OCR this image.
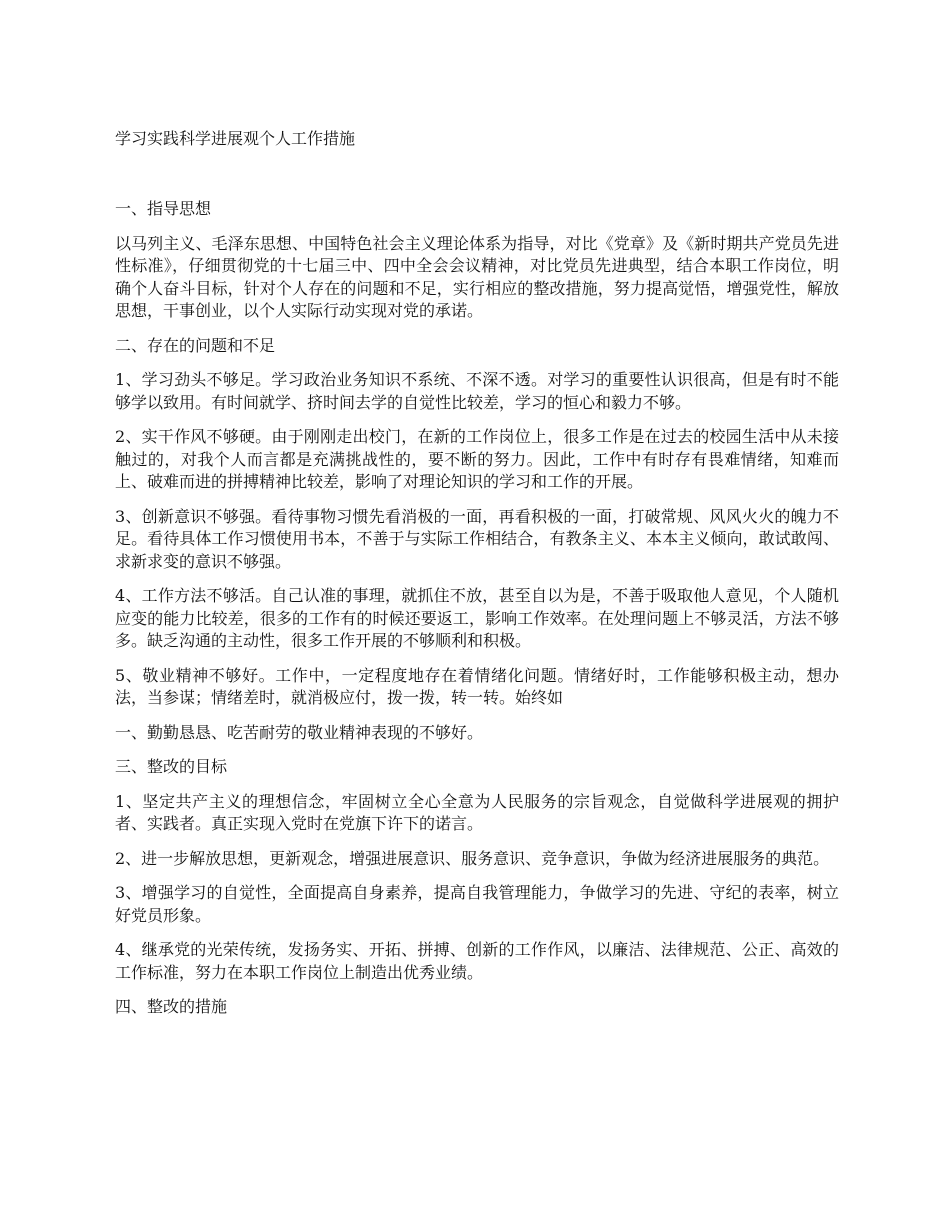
学习实践科学进展观个人工作措施

一、指导思想

以马列主义、毛泽东思想、中国特色社会主义理论体系为指导，对比《党章》及《新时期共产党员先进性标准》，仔细贯彻党的十七届三中、四中全会会议精神，对比党员先进典型，结合本职工作岗位，明确个人奋斗目标，针对个人存在的问题和不足，实行相应的整改措施，努力提高觉悟，增强党性，解放思想，干事创业，以个人实际行动实现对党的承诺。

二、存在的问题和不足

1、学习劲头不够足。学习政治业务知识不系统、不深不透。对学习的重要性认识很高，但是有时不能够学以致用。有时间就学、挤时间去学的自觉性比较差，学习的恒心和毅力不够。

2、实干作风不够硬。由于刚刚走出校门，在新的工作岗位上，很多工作是在过去的校园生活中从未接触过的，对我个人而言都是充满挑战性的，要不断的努力。因此，工作中有时存有畏难情绪，知难而上、破难而进的拼搏精神比较差，影响了对理论知识的学习和工作的开展。

3、创新意识不够强。看待事物习惯先看消极的一面，再看积极的一面，打破常规、风风火火的魄力不足。看待具体工作习惯使用书本，不善于与实际工作相结合，有教条主义、本本主义倾向，敢试敢闯、求新求变的意识不够强。

4、工作方法不够活。自己认准的事理，就抓住不放，甚至自以为是，不善于吸取他人意见，个人随机应变的能力比较差，很多的工作有的时候还要返工，影响工作效率。在处理问题上不够灵活，方法不够多。缺乏沟通的主动性，很多工作开展的不够顺利和积极。

5、敬业精神不够好。工作中，一定程度地存在着情绪化问题。情绪好时，工作能够积极主动，想办法，当参谋；情绪差时，就消极应付，拨一拨，转一转。始终如

一、勤勤恳恳、吃苦耐劳的敬业精神表现的不够好。

三、整改的目标

1、坚定共产主义的理想信念，牢固树立全心全意为人民服务的宗旨观念，自觉做科学进展观的拥护者、实践者。真正实现入党时在党旗下许下的诺言。

2、进一步解放思想，更新观念，增强进展意识、服务意识、竞争意识，争做为经济进展服务的典范。

3、增强学习的自觉性，全面提高自身素养，提高自我管理能力，争做学习的先进、守纪的表率，树立好党员形象。

4、继承党的光荣传统，发扬务实、开拓、拼搏、创新的工作作风，以廉洁、法律规范、公正、高效的工作标准，努力在本职工作岗位上制造出优秀业绩。

四、整改的措施
